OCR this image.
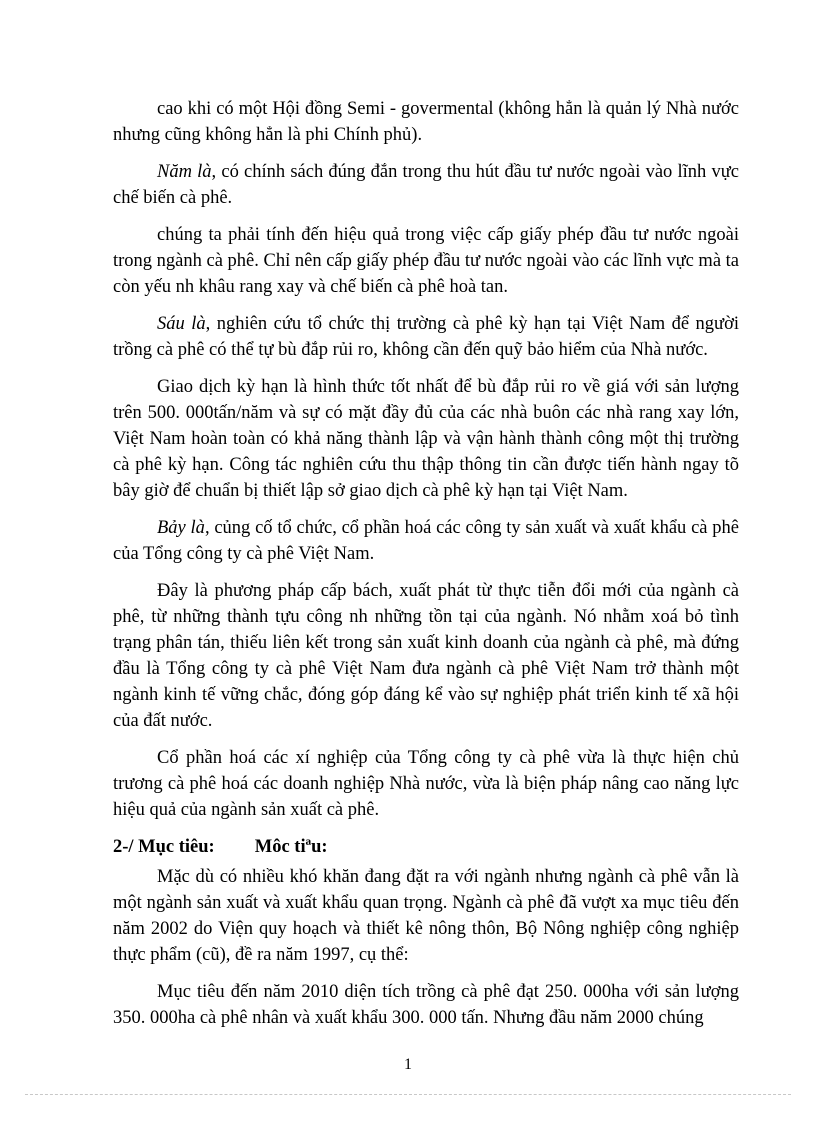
cao khi có một Hội đồng Semi - govermental (không hẳn là quản lý Nhà nước nhưng cũng không hẳn là phi Chính phủ).

Năm là, có chính sách đúng đắn trong thu hút đầu tư nước ngoài vào lĩnh vực chế biến cà phê.

chúng ta phải tính đến hiệu quả trong việc cấp giấy phép đầu tư nước ngoài trong ngành cà phê. Chỉ nên cấp giấy phép đầu tư nước ngoài vào các lĩnh vực mà ta còn yếu nh khâu rang xay và chế biến cà phê hoà tan.

Sáu là, nghiên cứu tổ chức thị trường cà phê kỳ hạn tại Việt Nam để người trồng cà phê có thể tự bù đắp rủi ro, không cần đến quỹ bảo hiểm của Nhà nước.

Giao dịch kỳ hạn là hình thức tốt nhất để bù đắp rủi ro về giá với sản lượng trên 500. 000tấn/năm và sự có mặt đầy đủ của các nhà buôn các nhà rang xay lớn, Việt Nam hoàn toàn có khả năng thành lập và vận hành thành công một thị trường cà phê kỳ hạn. Công tác nghiên cứu thu thập thông tin cần được tiến hành ngay tõ bây giờ để chuẩn bị thiết lập sở giao dịch cà phê kỳ hạn tại Việt Nam.

Bảy là, củng cố tổ chức, cổ phần hoá các công ty sản xuất và xuất khẩu cà phê của Tổng công ty cà phê Việt Nam.

Đây là phương pháp cấp bách, xuất phát từ thực tiễn đổi mới của ngành cà phê, từ những thành tựu công nh những tồn tại của ngành. Nó nhằm xoá bỏ tình trạng phân tán, thiếu liên kết trong sản xuất kinh doanh của ngành cà phê, mà đứng đầu là Tổng công ty cà phê Việt Nam đưa ngành cà phê Việt Nam trở thành một ngành kinh tế vững chắc, đóng góp đáng kể vào sự nghiệp phát triển kinh tế xã hội của đất nước.

Cổ phần hoá các xí nghiệp của Tổng công ty cà phê vừa là thực hiện chủ trương cà phê hoá các doanh nghiệp Nhà nước, vừa là biện pháp nâng cao năng lực hiệu quả của ngành sản xuất cà phê.

2-/ Mục tiêu: Môc tiªu:

Mặc dù có nhiều khó khăn đang đặt ra với ngành nhưng ngành cà phê vẫn là một ngành sản xuất và xuất khẩu quan trọng. Ngành cà phê đã vượt xa mục tiêu đến năm 2002 do Viện quy hoạch và thiết kê nông thôn, Bộ Nông nghiệp công nghiệp thực phẩm (cũ), đề ra năm 1997, cụ thể:

Mục tiêu đến năm 2010 diện tích trồng cà phê đạt 250. 000ha với sản lượng 350. 000ha cà phê nhân và xuất khẩu 300. 000 tấn. Nhưng đầu năm 2000 chúng

1
